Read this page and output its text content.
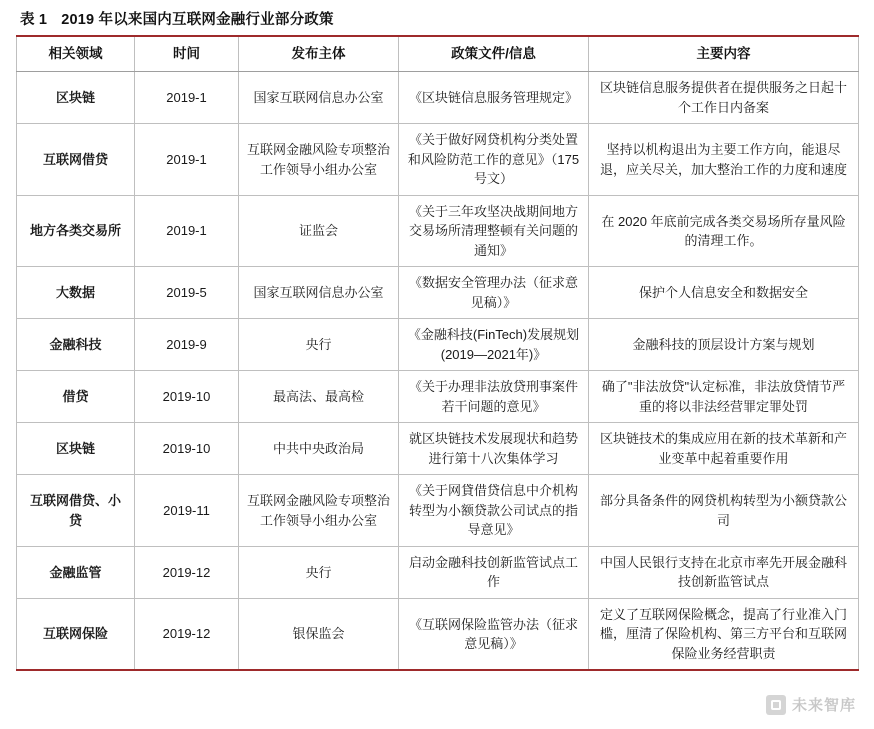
表 1 2019 年以来国内互联网金融行业部分政策
相关领域	时间	发布主体	政策文件/信息	主要内容
区块链	2019-1	国家互联网信息办公室	《区块链信息服务管理规定》	区块链信息服务提供者在提供服务之日起十个工作日内备案
互联网借贷	2019-1	互联网金融风险专项整治工作领导小组办公室	《关于做好网贷机构分类处置和风险防范工作的意见》（175 号文）	坚持以机构退出为主要工作方向，能退尽退，应关尽关，加大整治工作的力度和速度
地方各类交易所	2019-1	证监会	《关于三年攻坚决战期间地方交易场所清理整顿有关问题的通知》	在 2020 年底前完成各类交易场所存量风险的清理工作。
大数据	2019-5	国家互联网信息办公室	《数据安全管理办法（征求意见稿）》	保护个人信息安全和数据安全
金融科技	2019-9	央行	《金融科技(FinTech)发展规划(2019—2021年)》	金融科技的顶层设计方案与规划
借贷	2019-10	最高法、最高检	《关于办理非法放贷刑事案件若干问题的意见》	确了"非法放贷"认定标准，非法放贷情节严重的将以非法经营罪定罪处罚
区块链	2019-10	中共中央政治局	就区块链技术发展现状和趋势进行第十八次集体学习	区块链技术的集成应用在新的技术革新和产业变革中起着重要作用
互联网借贷、小贷	2019-11	互联网金融风险专项整治工作领导小组办公室	《关于网貸借贷信息中介机构转型为小额贷款公司试点的指导意见》	部分具备条件的网贷机构转型为小额贷款公司
金融监管	2019-12	央行	启动金融科技创新监管试点工作	中国人民银行支持在北京市率先开展金融科技创新监管试点
互联网保险	2019-12	银保监会	《互联网保险监管办法（征求意见稿）》	定义了互联网保险概念，提高了行业准入门槛，厘清了保险机构、第三方平台和互联网保险业务经营职责
未来智库
